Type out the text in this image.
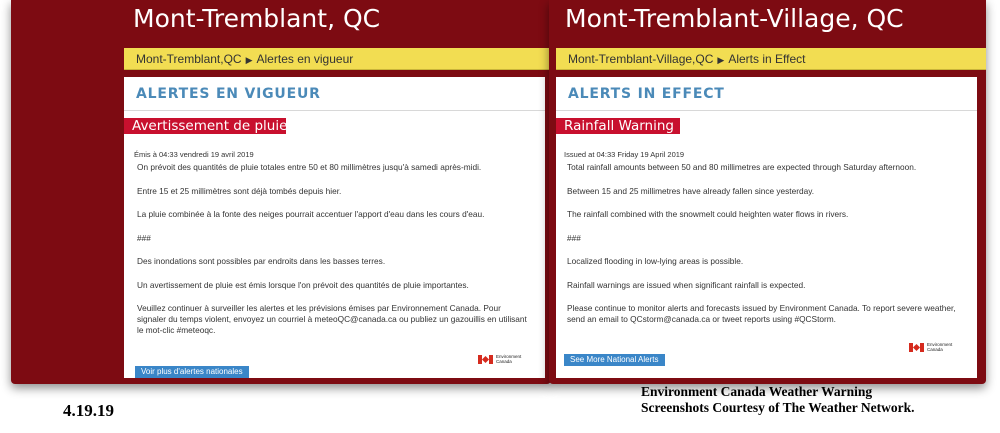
Mont-Tremblant, QC
Mont-Tremblant,QC ▶ Alertes en vigueur
ALERTES EN VIGUEUR
Avertissement de pluie
Émis à 04:33 vendredi 19 avril 2019

On prévoit des quantités de pluie totales entre 50 et 80 millimètres jusqu'à samedi après-midi.

Entre 15 et 25 millimètres sont déjà tombés depuis hier.

La pluie combinée à la fonte des neiges pourrait accentuer l'apport d'eau dans les cours d'eau.

###

Des inondations sont possibles par endroits dans les basses terres.

Un avertissement de pluie est émis lorsque l'on prévoit des quantités de pluie importantes.

Veuillez continuer à surveiller les alertes et les prévisions émises par Environnement Canada. Pour signaler du temps violent, envoyez un courriel à meteoQC@canada.ca ou publiez un gazouillis en utilisant le mot-clic #meteoqc.

Environment
Canada
Voir plus d'alertes nationales
Mont-Tremblant-Village, QC
Mont-Tremblant-Village,QC ▶ Alerts in Effect
ALERTS IN EFFECT
Rainfall Warning
Issued at 04:33 Friday 19 April 2019

Total rainfall amounts between 50 and 80 millimetres are expected through Saturday afternoon.

Between 15 and 25 millimetres have already fallen since yesterday.

The rainfall combined with the snowmelt could heighten water flows in rivers.

###

Localized flooding in low-lying areas is possible.

Rainfall warnings are issued when significant rainfall is expected.

Please continue to monitor alerts and forecasts issued by Environment Canada. To report severe weather, send an email to QCstorm@canada.ca or tweet reports using #QCStorm.

Environment
Canada
See More National Alerts
4.19.19
Environment Canada Weather Warning
Screenshots Courtesy of The Weather Network.
